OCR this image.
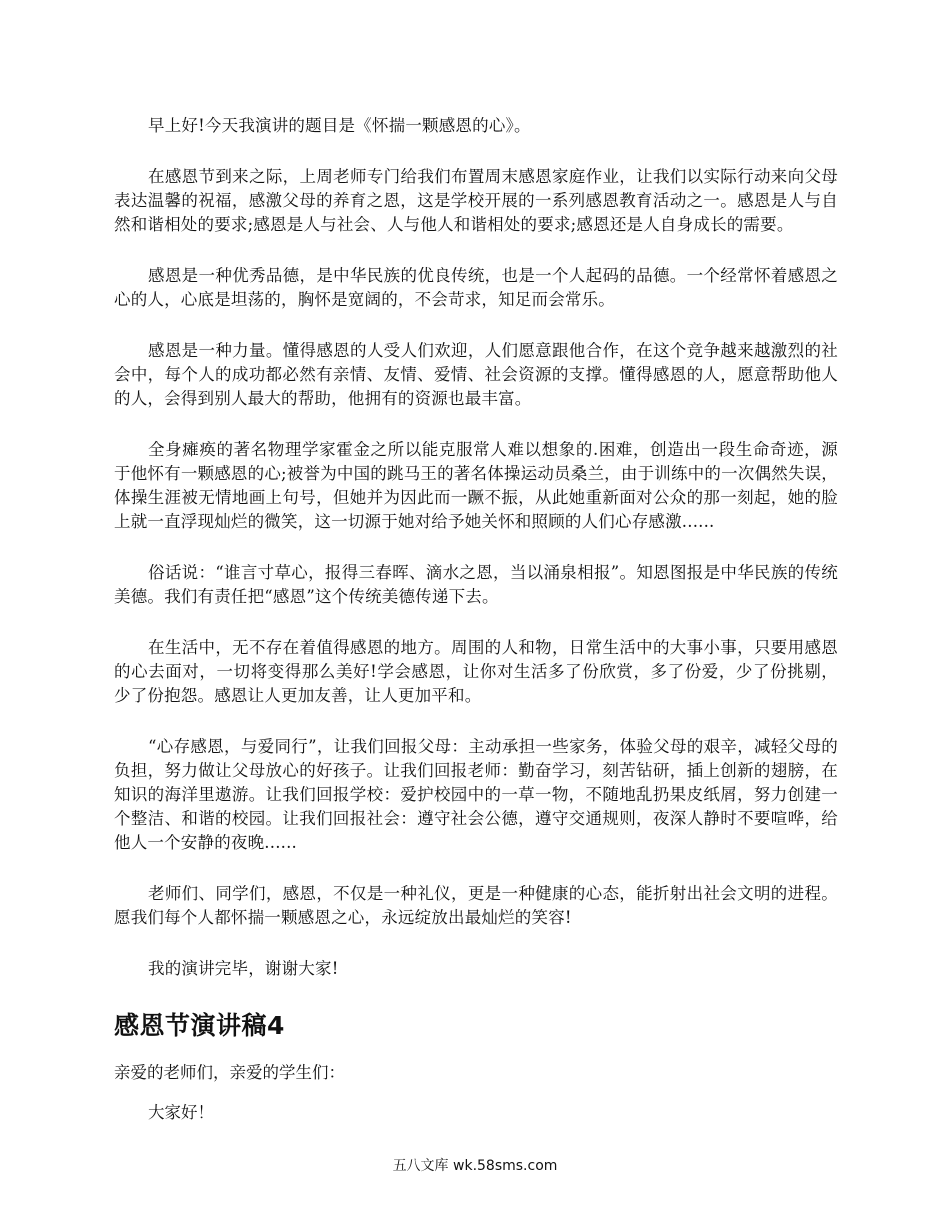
早上好!今天我演讲的题目是《怀揣一颗感恩的心》。

在感恩节到来之际，上周老师专门给我们布置周末感恩家庭作业，让我们以实际行动来向父母表达温馨的祝福，感激父母的养育之恩，这是学校开展的一系列感恩教育活动之一。感恩是人与自然和谐相处的要求;感恩是人与社会、人与他人和谐相处的要求;感恩还是人自身成长的需要。

感恩是一种优秀品德，是中华民族的优良传统，也是一个人起码的品德。一个经常怀着感恩之心的人，心底是坦荡的，胸怀是宽阔的，不会苛求，知足而会常乐。

感恩是一种力量。懂得感恩的人受人们欢迎，人们愿意跟他合作，在这个竞争越来越激烈的社会中，每个人的成功都必然有亲情、友情、爱情、社会资源的支撑。懂得感恩的人，愿意帮助他人的人，会得到别人最大的帮助，他拥有的资源也最丰富。

全身瘫痪的著名物理学家霍金之所以能克服常人难以想象的.困难，创造出一段生命奇迹，源于他怀有一颗感恩的心;被誉为中国的跳马王的著名体操运动员桑兰，由于训练中的一次偶然失误，体操生涯被无情地画上句号，但她并为因此而一蹶不振，从此她重新面对公众的那一刻起，她的脸上就一直浮现灿烂的微笑，这一切源于她对给予她关怀和照顾的人们心存感激......

俗话说：“谁言寸草心，报得三春晖、滴水之恩，当以涌泉相报”。知恩图报是中华民族的传统美德。我们有责任把“感恩”这个传统美德传递下去。

在生活中，无不存在着值得感恩的地方。周围的人和物，日常生活中的大事小事，只要用感恩的心去面对，一切将变得那么美好!学会感恩，让你对生活多了份欣赏，多了份爱，少了份挑剔，少了份抱怨。感恩让人更加友善，让人更加平和。

“心存感恩，与爱同行”，让我们回报父母：主动承担一些家务，体验父母的艰辛，减轻父母的负担，努力做让父母放心的好孩子。让我们回报老师：勤奋学习，刻苦钻研，插上创新的翅膀，在知识的海洋里遨游。让我们回报学校：爱护校园中的一草一物，不随地乱扔果皮纸屑，努力创建一个整洁、和谐的校园。让我们回报社会：遵守社会公德，遵守交通规则，夜深人静时不要喧哗，给他人一个安静的夜晚......

老师们、同学们，感恩，不仅是一种礼仪，更是一种健康的心态，能折射出社会文明的进程。愿我们每个人都怀揣一颗感恩之心，永远绽放出最灿烂的笑容!

我的演讲完毕，谢谢大家!

感恩节演讲稿4

亲爱的老师们，亲爱的学生们：

大家好！

五八文库 wk.58sms.com
